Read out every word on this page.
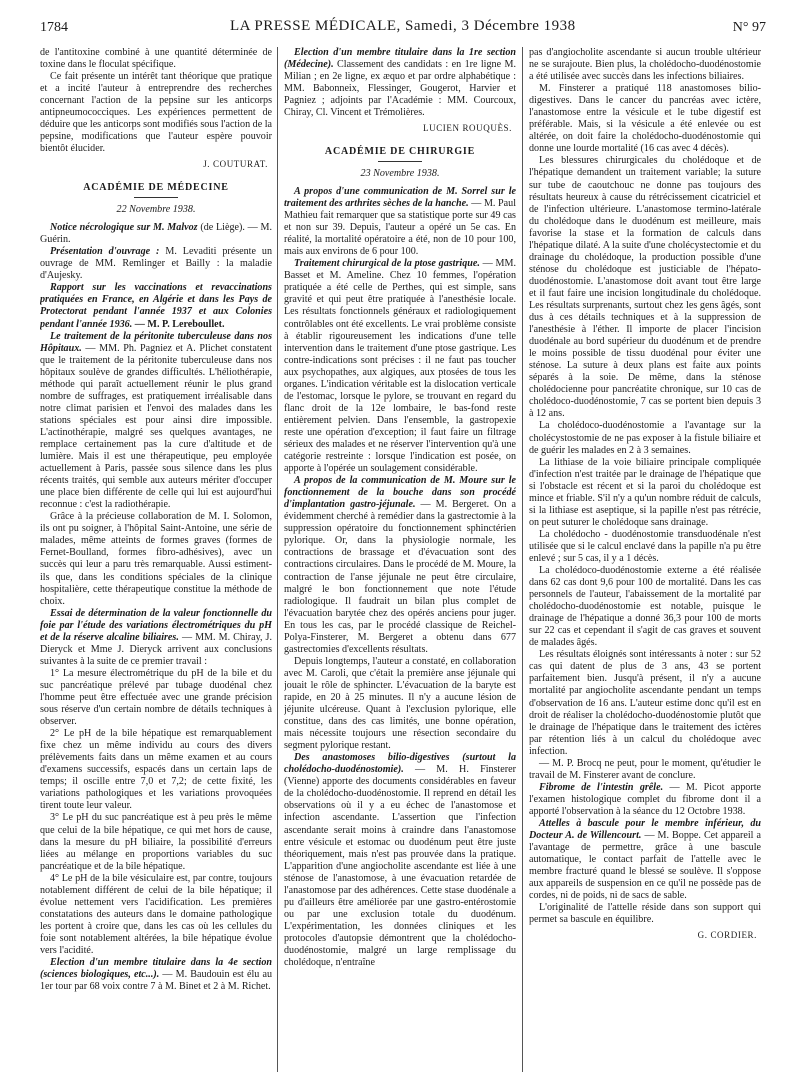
1784	LA PRESSE MÉDICALE, Samedi, 3 Décembre 1938	N° 97

de l'antitoxine combiné à une quantité déterminée de toxine dans le floculat spécifique.

Ce fait présente un intérêt tant théorique que pratique et a incité l'auteur à entreprendre des recherches concernant l'action de la pepsine sur les anticorps antipneumococciques. Les expériences permettent de déduire que les anticorps sont modifiés sous l'action de la pepsine, modifications que l'auteur espère pouvoir bientôt élucider.

J. COUTURAT.
ACADÉMIE DE MÉDECINE
22 Novembre 1938.

Notice nécrologique sur M. Malvoz (de Liège). — M. Guérin.

Présentation d'ouvrage : M. Levaditi présente un ouvrage de MM. Remlinger et Bailly : la maladie d'Aujesky.

Rapport sur les vaccinations et revaccinations pratiquées en France, en Algérie et dans les Pays de Protectorat pendant l'année 1937 et aux Colonies pendant l'année 1936. — M. P. Lereboullet.

Le traitement de la péritonite tuberculeuse dans nos Hôpitaux. — MM. Ph. Pagniez et A. Plichet constatent que le traitement de la péritonite tuberculeuse dans nos hôpitaux soulève de grandes difficultés. L'héliothérapie, méthode qui paraît actuellement réunir le plus grand nombre de suffrages, est pratiquement irréalisable dans notre climat parisien et l'envoi des malades dans les stations spéciales est pour ainsi dire impossible. L'actinothérapie, malgré ses quelques avantages, ne remplace certainement pas la cure d'altitude et de lumière. Mais il est une thérapeutique, peu employée actuellement à Paris, passée sous silence dans les plus récents traités, qui semble aux auteurs mériter d'occuper une place bien différente de celle qui lui est aujourd'hui reconnue : c'est la radiothérapie.

Grâce à la précieuse collaboration de M. I. Solomon, ils ont pu soigner, à l'hôpital Saint-Antoine, une série de malades, même atteints de formes graves (formes de Fernet-Boulland, formes fibro-adhésives), avec un succès qui leur a paru très remarquable. Aussi estiment-ils que, dans les conditions spéciales de la clinique hospitalière, cette thérapeutique constitue la méthode de choix.

Essai de détermination de la valeur fonctionnelle du foie par l'étude des variations électrométriques du pH et de la réserve alcaline biliaires. — MM. M. Chiray, J. Dieryck et Mme J. Dieryck arrivent aux conclusions suivantes à la suite de ce premier travail :

1° La mesure électrométrique du pH de la bile et du suc pancréatique prélevé par tubage duodénal chez l'homme peut être effectuée avec une grande précision sous réserve d'un certain nombre de détails techniques à observer.

2° Le pH de la bile hépatique est remarquablement fixe chez un même individu au cours des divers prélèvements faits dans un même examen et au cours d'examens successifs, espacés dans un certain laps de temps; il oscille entre 7,0 et 7,2; de cette fixité, les variations pathologiques et les variations provoquées tirent toute leur valeur.

3° Le pH du suc pancréatique est à peu près le même que celui de la bile hépatique, ce qui met hors de cause, dans la mesure du pH biliaire, la possibilité d'erreurs liées au mélange en proportions variables du suc pancréatique et de la bile hépatique.

4° Le pH de la bile vésiculaire est, par contre, toujours notablement différent de celui de la bile hépatique; il évolue nettement vers l'acidification. Les premières constatations des auteurs dans le domaine pathologique les portent à croire que, dans les cas où les cellules du foie sont notablement altérées, la bile hépatique évolue vers l'acidité.

Election d'un membre titulaire dans la 4e section (sciences biologiques, etc...). — M. Baudouin est élu au 1er tour par 68 voix contre 7 à M. Binet et 2 à M. Richet.

Election d'un membre titulaire dans la 1re section (Médecine). Classement des candidats : en 1re ligne M. Milian ; en 2e ligne, ex æquo et par ordre alphabétique : MM. Babonneix, Flessinger, Gougerot, Harvier et Pagniez ; adjoints par l'Académie : MM. Courcoux, Chiray, Cl. Vincent et Trémolières.

LUCIEN ROUQUÈS.
ACADÉMIE DE CHIRURGIE
23 Novembre 1938.

A propos d'une communication de M. Sorrel sur le traitement des arthrites sèches de la hanche. — M. Paul Mathieu fait remarquer que sa statistique porte sur 49 cas et non sur 39. Depuis, l'auteur a opéré un 5e cas. En réalité, la mortalité opératoire a été, non de 10 pour 100, mais aux environs de 6 pour 100.

Traitement chirurgical de la ptose gastrique. — MM. Basset et M. Ameline. Chez 10 femmes, l'opération pratiquée a été celle de Perthes, qui est simple, sans gravité et qui peut être pratiquée à l'anesthésie locale. Les résultats fonctionnels généraux et radiologiquement contrôlables ont été excellents. Le vrai problème consiste à établir rigoureusement les indications d'une telle intervention dans le traitement d'une ptose gastrique. Les contre-indications sont précises : il ne faut pas toucher aux psychopathes, aux algiques, aux ptosées de tous les organes. L'indication véritable est la dislocation verticale de l'estomac, lorsque le pylore, se trouvant en regard du flanc droit de la 12e lombaire, le bas-fond reste entièrement pelvien. Dans l'ensemble, la gastropexie reste une opération d'exception; il faut faire un filtrage sérieux des malades et ne réserver l'intervention qu'à une catégorie restreinte : lorsque l'indication est posée, on apporte à l'opérée un soulagement considérable.

A propos de la communication de M. Moure sur le fonctionnement de la bouche dans son procédé d'implantation gastro-jéjunale. — M. Bergeret. On a évidemment cherché à remédier dans la gastrectomie à la suppression opératoire du fonctionnement sphinctérien pylorique. Or, dans la physiologie normale, les contractions de brassage et d'évacuation sont des contractions circulaires. Dans le procédé de M. Moure, la contraction de l'anse jéjunale ne peut être circulaire, malgré le bon fonctionnement que note l'étude radiologique. Il faudrait un bilan plus complet de l'évacuation barytée chez des opérés anciens pour juger. En tous les cas, par le procédé classique de Reichel-Polya-Finsterer, M. Bergeret a obtenu dans 677 gastrectomies d'excellents résultats.

Depuis longtemps, l'auteur a constaté, en collaboration avec M. Caroli, que c'était la première anse jéjunale qui jouait le rôle de sphincter. L'évacuation de la baryte est rapide, en 20 à 25 minutes. Il n'y a aucune lésion de jéjunite ulcéreuse. Quant à l'exclusion pylorique, elle constitue, dans des cas limités, une bonne opération, mais nécessite toujours une résection secondaire du segment pylorique restant.

Des anastomoses bilio-digestives (surtout la cholédocho-duodénostomie). — M. H. Finsterer (Vienne) apporte des documents considérables en faveur de la cholédocho-duodénostomie. Il reprend en détail les observations où il y a eu échec de l'anastomose et infection ascendante. L'assertion que l'infection ascendante serait moins à craindre dans l'anastomose entre vésicule et estomac ou duodénum peut être juste théoriquement, mais n'est pas prouvée dans la pratique. L'apparition d'une angiocholite ascendante est liée à une sténose de l'anastomose, à une évacuation retardée de l'anastomose par des adhérences. Cette stase duodénale a pu d'ailleurs être améliorée par une gastro-entérostomie ou par une exclusion totale du duodénum. L'expérimentation, les données cliniques et les protocoles d'autopsie démontrent que la cholédocho-duodénostomie, malgré un large remplissage du cholédoque, n'entraîne

pas d'angiocholite ascendante si aucun trouble ultérieur ne se surajoute. Bien plus, la cholédocho-duodénostomie a été utilisée avec succès dans les infections biliaires.

M. Finsterer a pratiqué 118 anastomoses bilio-digestives. Dans le cancer du pancréas avec ictère, l'anastomose entre la vésicule et le tube digestif est préférable. Mais, si la vésicule a été enlevée ou est altérée, on doit faire la cholédocho-duodénostomie qui donne une lourde mortalité (16 cas avec 4 décès).

Les blessures chirurgicales du cholédoque et de l'hépatique demandent un traitement variable; la suture sur tube de caoutchouc ne donne pas toujours des résultats heureux à cause du rétrécissement cicatriciel et de l'infection ultérieure. L'anastomose termino-latérale du cholédoque dans le duodénum est meilleure, mais favorise la stase et la formation de calculs dans l'hépatique dilaté. A la suite d'une cholécystectomie et du drainage du cholédoque, la production possible d'une sténose du cholédoque est justiciable de l'hépato-duodénostomie. L'anastomose doit avant tout être large et il faut faire une incision longitudinale du cholédoque. Les résultats surprenants, surtout chez les gens âgés, sont dus à ces détails techniques et à la suppression de l'anesthésie à l'éther. Il importe de placer l'incision duodénale au bord supérieur du duodénum et de prendre le moins possible de tissu duodénal pour éviter une sténose. La suture à deux plans est faite aux points séparés à la soie. De même, dans la sténose cholédocienne pour pancréatite chronique, sur 10 cas de cholédoco-duodénostomie, 7 cas se portent bien depuis 3 à 12 ans.

La cholédoco-duodénostomie a l'avantage sur la cholécystostomie de ne pas exposer à la fistule biliaire et de guérir les malades en 2 à 3 semaines.

La lithiase de la voie biliaire principale compliquée d'infection n'est traitée par le drainage de l'hépatique que si l'obstacle est récent et si la paroi du cholédoque est mince et friable. S'il n'y a qu'un nombre réduit de calculs, si la lithiase est aseptique, si la papille n'est pas rétrécie, on peut suturer le cholédoque sans drainage.

La cholédocho - duodénostomie transduodénale n'est utilisée que si le calcul enclavé dans la papille n'a pu être enlevé ; sur 5 cas, il y a 1 décès.

La cholédoco-duodénostomie externe a été réalisée dans 62 cas dont 9,6 pour 100 de mortalité. Dans les cas personnels de l'auteur, l'abaissement de la mortalité par cholédocho-duodénostomie est notable, puisque le drainage de l'hépatique a donné 36,3 pour 100 de morts sur 22 cas et cependant il s'agit de cas graves et souvent de malades âgés.

Les résultats éloignés sont intéressants à noter : sur 52 cas qui datent de plus de 3 ans, 43 se portent parfaitement bien. Jusqu'à présent, il n'y a aucune mortalité par angiocholite ascendante pendant un temps d'observation de 16 ans. L'auteur estime donc qu'il est en droit de réaliser la cholédocho-duodénostomie plutôt que le drainage de l'hépatique dans le traitement des ictères par rétention liés à un calcul du cholédoque avec infection.

— M. P. Brocq ne peut, pour le moment, qu'étudier le travail de M. Finsterer avant de conclure.

Fibrome de l'intestin grêle. — M. Picot apporte l'examen histologique complet du fibrome dont il a apporté l'observation à la séance du 12 Octobre 1938.

Attelles à bascule pour le membre inférieur, du Docteur A. de Willencourt. — M. Boppe. Cet appareil a l'avantage de permettre, grâce à une bascule automatique, le contact parfait de l'attelle avec le membre fracturé quand le blessé se soulève. Il s'oppose aux appareils de suspension en ce qu'il ne possède pas de cordes, ni de poids, ni de sacs de sable.

L'originalité de l'attelle réside dans son support qui permet sa bascule en équilibre.

G. CORDIER.
